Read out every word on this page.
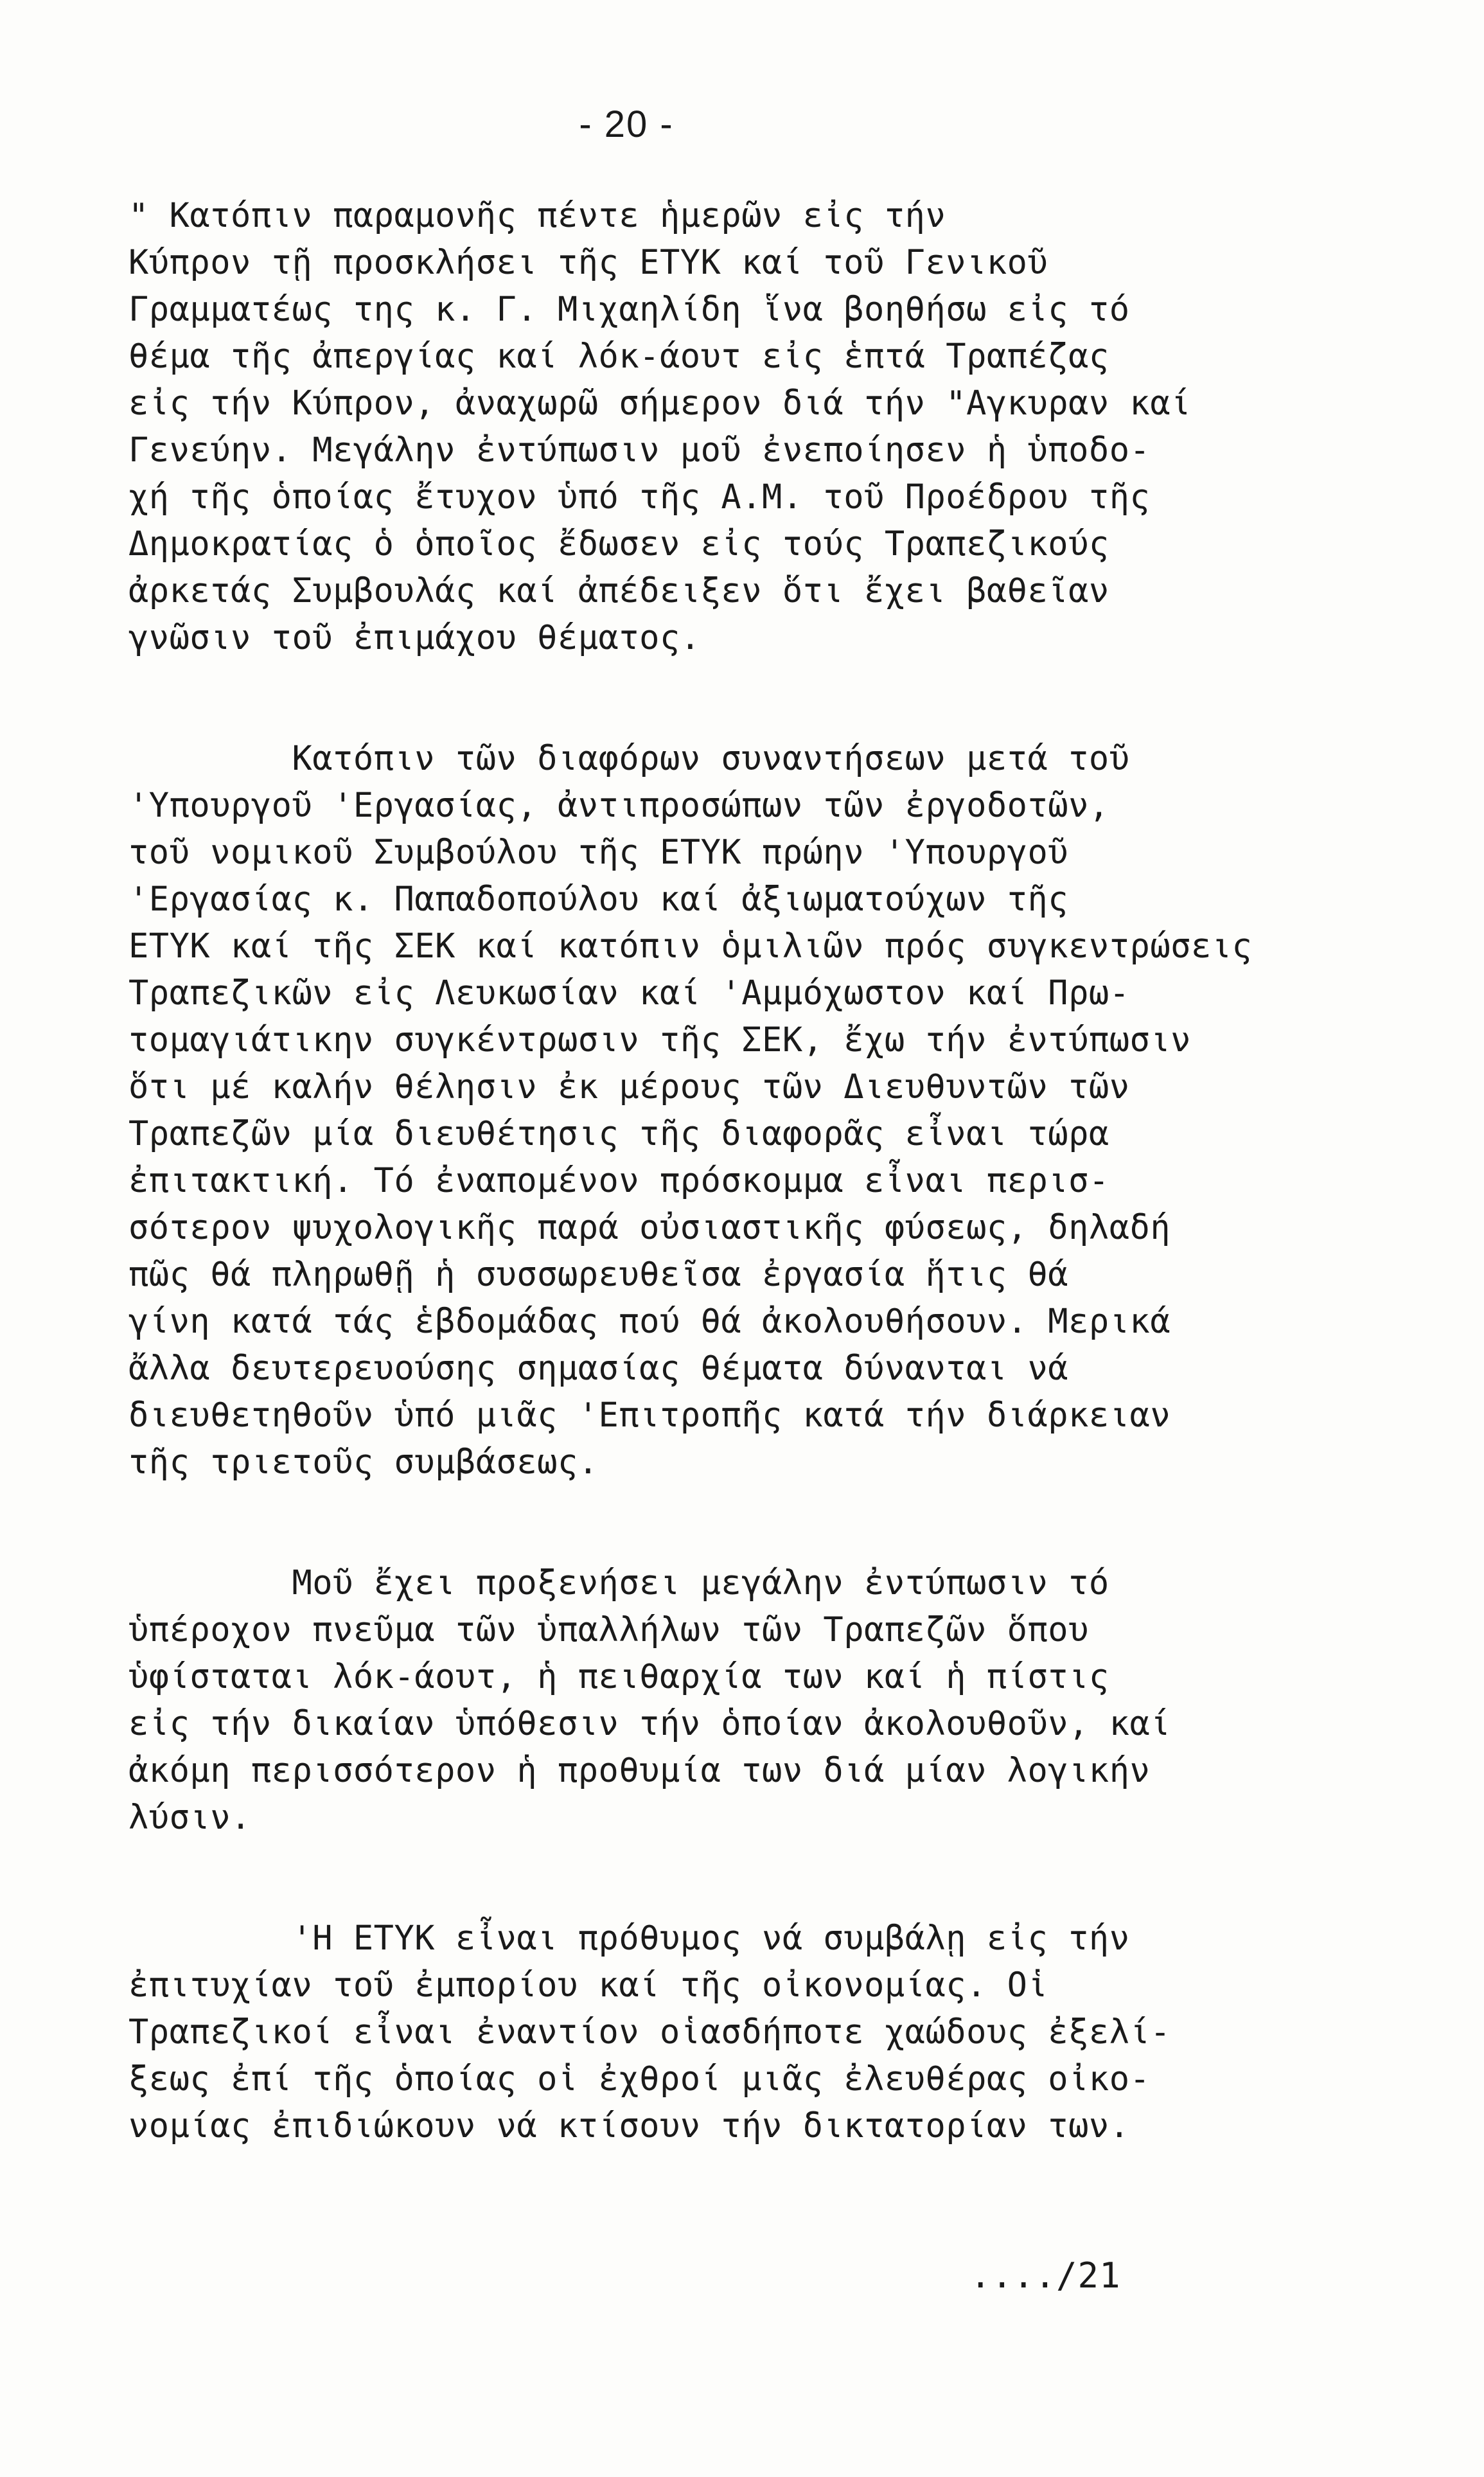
- 20 -
" Κατόπιν παραμονῆς πέντε ἡμερῶν εἰς τήν
Κύπρον τῇ προσκλήσει τῆς ΕΤΥΚ καί τοῦ Γενικοῦ
Γραμματέως της κ. Γ. Μιχαηλίδη ἵνα βοηθήσω εἰς τό
θέμα τῆς ἀπεργίας καί λόκ-άουτ εἰς ἑπτά Τραπέζας
εἰς τήν Κύπρον, ἀναχωρῶ σήμερον διά τήν "Αγκυραν καί
Γενεύην. Μεγάλην ἐντύπωσιν μοῦ ἐνεποίησεν ἡ ὑποδο-
χή τῆς ὁποίας ἔτυχον ὑπό τῆς Α.Μ. τοῦ Προέδρου τῆς
Δημοκρατίας ὁ ὁποῖος ἔδωσεν εἰς τούς Τραπεζικούς
ἀρκετάς Συμβουλάς καί ἀπέδειξεν ὅτι ἔχει βαθεῖαν
γνῶσιν τοῦ ἐπιμάχου θέματος.
Κατόπιν τῶν διαφόρων συναντήσεων μετά τοῦ
'Υπουργοῦ 'Εργασίας, ἀντιπροσώπων τῶν ἐργοδοτῶν,
τοῦ νομικοῦ Συμβούλου τῆς ΕΤΥΚ πρώην 'Υπουργοῦ
'Εργασίας κ. Παπαδοπούλου καί ἀξιωματούχων τῆς
ΕΤΥΚ καί τῆς ΣΕΚ καί κατόπιν ὁμιλιῶν πρός συγκεντρώσεις
Τραπεζικῶν εἰς Λευκωσίαν καί 'Αμμόχωστον καί Πρω-
τομαγιάτικην συγκέντρωσιν τῆς ΣΕΚ, ἔχω τήν ἐντύπωσιν
ὅτι μέ καλήν θέλησιν ἐκ μέρους τῶν Διευθυντῶν τῶν
Τραπεζῶν μία διευθέτησις τῆς διαφορᾶς εἶναι τώρα
ἐπιτακτική. Τό ἐναπομένον πρόσκομμα εἶναι περισ-
σότερον ψυχολογικῆς παρά οὐσιαστικῆς φύσεως, δηλαδή
πῶς θά πληρωθῇ ἡ συσσωρευθεῖσα ἐργασία ἥτις θά
γίνη κατά τάς ἑβδομάδας πού θά ἀκολουθήσουν. Μερικά
ἄλλα δευτερευούσης σημασίας θέματα δύνανται νά
διευθετηθοῦν ὑπό μιᾶς 'Επιτροπῆς κατά τήν διάρκειαν
τῆς τριετοῦς συμβάσεως.
Μοῦ ἔχει προξενήσει μεγάλην ἐντύπωσιν τό
ὑπέροχον πνεῦμα τῶν ὑπαλλήλων τῶν Τραπεζῶν ὅπου
ὑφίσταται λόκ-άουτ, ἡ πειθαρχία των καί ἡ πίστις
εἰς τήν δικαίαν ὑπόθεσιν τήν ὁποίαν ἀκολουθοῦν, καί
ἀκόμη περισσότερον ἡ προθυμία των διά μίαν λογικήν
λύσιν.
'Η ΕΤΥΚ εἶναι πρόθυμος νά συμβάλῃ εἰς τήν
ἐπιτυχίαν τοῦ ἐμπορίου καί τῆς οἰκονομίας. Οἱ
Τραπεζικοί εἶναι ἐναντίον οἱασδήποτε χαώδους ἐξελί-
ξεως ἐπί τῆς ὁποίας οἱ ἐχθροί μιᾶς ἐλευθέρας οἰκο-
νομίας ἐπιδιώκουν νά κτίσουν τήν δικτατορίαν των.
..../21
